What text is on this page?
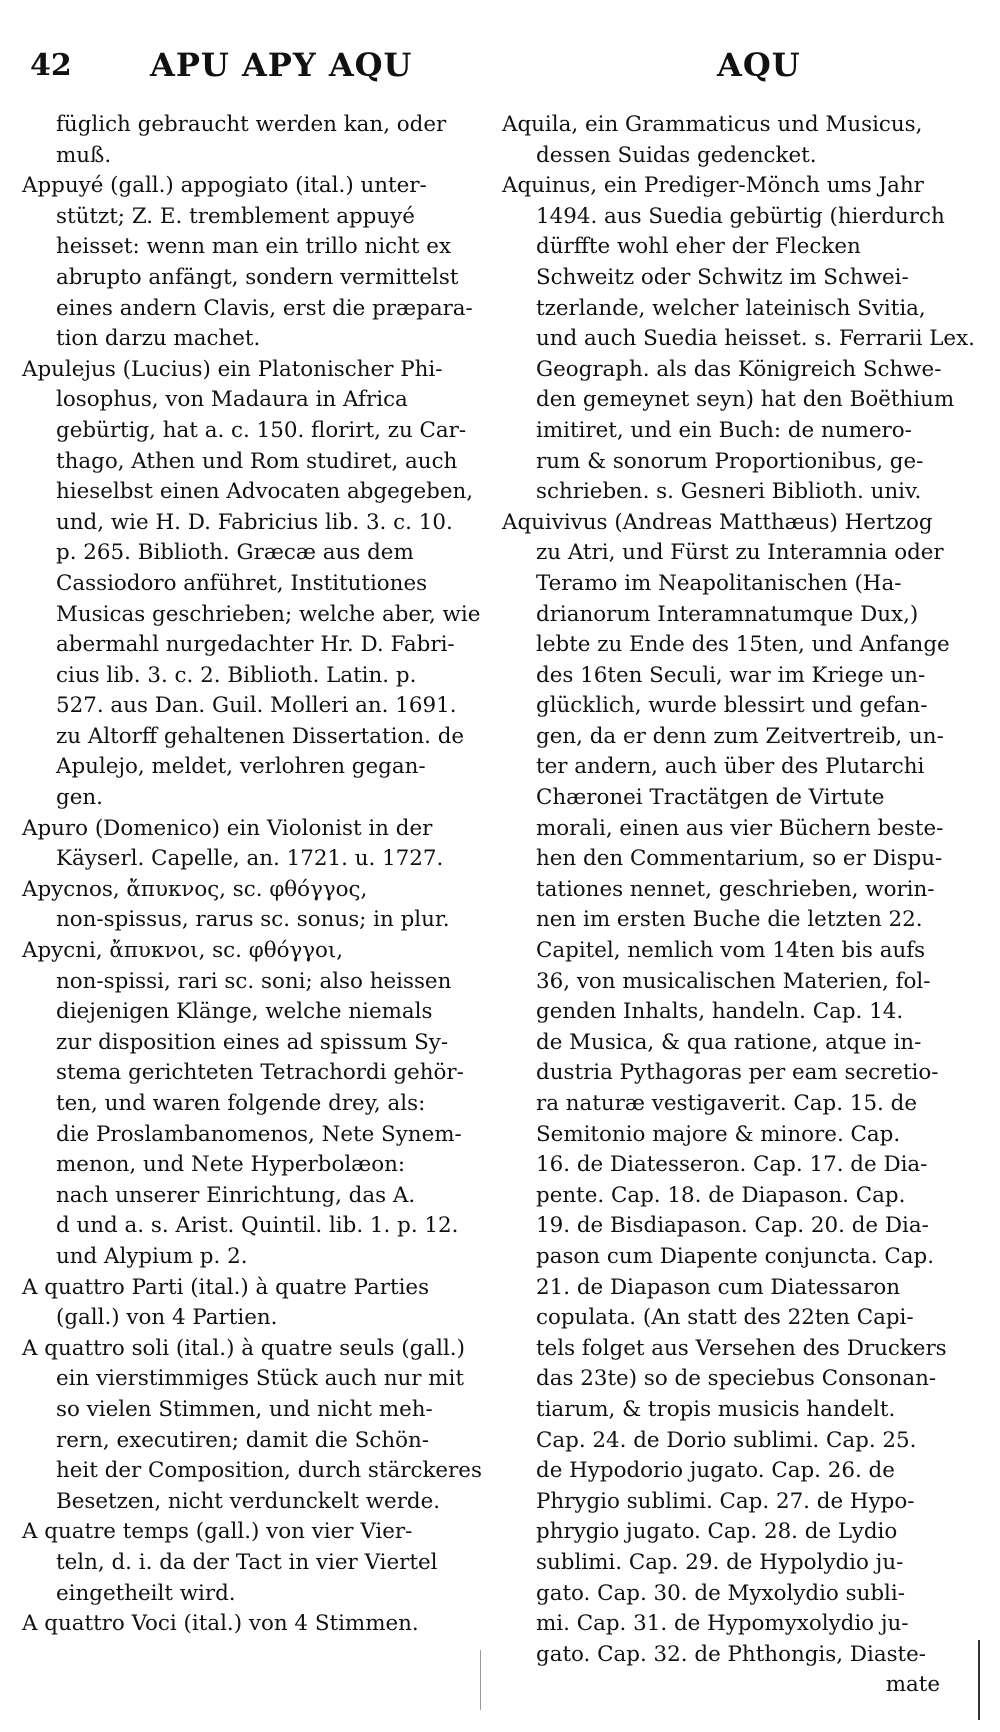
42 APU APY AQU	AQU
füglich gebraucht werden kan, oder
muß.
Appuyé (gall.) appogiato (ital.) unter-
stützt; Z. E. tremblement appuyé
heisset: wenn man ein trillo nicht ex
abrupto anfängt, sondern vermittelst
eines andern Clavis, erst die præpara-
tion darzu machet.
Apulejus (Lucius) ein Platonischer Phi-
losophus, von Madaura in Africa
gebürtig, hat a. c. 150. florirt, zu Car-
thago, Athen und Rom studiret, auch
hieselbst einen Advocaten abgegeben,
und, wie H. D. Fabricius lib. 3. c. 10.
p. 265. Biblioth. Græcæ aus dem
Cassiodoro anführet, Institutiones
Musicas geschrieben; welche aber, wie
abermahl nurgedachter Hr. D. Fabri-
cius lib. 3. c. 2. Biblioth. Latin. p.
527. aus Dan. Guil. Molleri an. 1691.
zu Altorff gehaltenen Dissertation. de
Apulejo, meldet, verlohren gegan-
gen.
Apuro (Domenico) ein Violonist in der
Käyserl. Capelle, an. 1721. u. 1727.
Apycnos, ἄπυκνος, sc. φθόγγος,
non-spissus, rarus sc. sonus; in plur.
Apycni, ἄπυκνοι, sc. φθόγγοι,
non-spissi, rari sc. soni; also heissen
diejenigen Klänge, welche niemals
zur disposition eines ad spissum Sy-
stema gerichteten Tetrachordi gehör-
ten, und waren folgende drey, als:
die Proslambanomenos, Nete Synem-
menon, und Nete Hyperbolæon:
nach unserer Einrichtung, das A.
d und a. s. Arist. Quintil. lib. 1. p. 12.
und Alypium p. 2.
A quattro Parti (ital.) à quatre Parties
(gall.) von 4 Partien.
A quattro soli (ital.) à quatre seuls (gall.)
ein vierstimmiges Stück auch nur mit
so vielen Stimmen, und nicht meh-
rern, executiren; damit die Schön-
heit der Composition, durch stärckeres
Besetzen, nicht verdunckelt werde.
A quatre temps (gall.) von vier Vier-
teln, d. i. da der Tact in vier Viertel
eingetheilt wird.
A quattro Voci (ital.) von 4 Stimmen.
Aquila, ein Grammaticus und Musicus,
dessen Suidas gedencket.
Aquinus, ein Prediger-Mönch ums Jahr
1494. aus Suedia gebürtig (hierdurch
dürffte wohl eher der Flecken
Schweitz oder Schwitz im Schwei-
tzerlande, welcher lateinisch Svitia,
und auch Suedia heisset. s. Ferrarii Lex.
Geograph. als das Königreich Schwe-
den gemeynet seyn) hat den Boëthium
imitiret, und ein Buch: de numero-
rum & sonorum Proportionibus, ge-
schrieben. s. Gesneri Biblioth. univ.
Aquivivus (Andreas Matthæus) Hertzog
zu Atri, und Fürst zu Interamnia oder
Teramo im Neapolitanischen (Ha-
drianorum Interamnatumque Dux,)
lebte zu Ende des 15ten, und Anfange
des 16ten Seculi, war im Kriege un-
glücklich, wurde blessirt und gefan-
gen, da er denn zum Zeitvertreib, un-
ter andern, auch über des Plutarchi
Chæronei Tractätgen de Virtute
morali, einen aus vier Büchern beste-
hen den Commentarium, so er Dispu-
tationes nennet, geschrieben, worin-
nen im ersten Buche die letzten 22.
Capitel, nemlich vom 14ten bis aufs
36, von musicalischen Materien, fol-
genden Inhalts, handeln. Cap. 14.
de Musica, & qua ratione, atque in-
dustria Pythagoras per eam secretio-
ra naturæ vestigaverit. Cap. 15. de
Semitonio majore & minore. Cap.
16. de Diatesseron. Cap. 17. de Dia-
pente. Cap. 18. de Diapason. Cap.
19. de Bisdiapason. Cap. 20. de Dia-
pason cum Diapente conjuncta. Cap.
21. de Diapason cum Diatessaron
copulata. (An statt des 22ten Capi-
tels folget aus Versehen des Druckers
das 23te) so de speciebus Consonan-
tiarum, & tropis musicis handelt.
Cap. 24. de Dorio sublimi. Cap. 25.
de Hypodorio jugato. Cap. 26. de
Phrygio sublimi. Cap. 27. de Hypo-
phrygio jugato. Cap. 28. de Lydio
sublimi. Cap. 29. de Hypolydio ju-
gato. Cap. 30. de Myxolydio subli-
mi. Cap. 31. de Hypomyxolydio ju-
gato. Cap. 32. de Phthongis, Diaste-
mate
